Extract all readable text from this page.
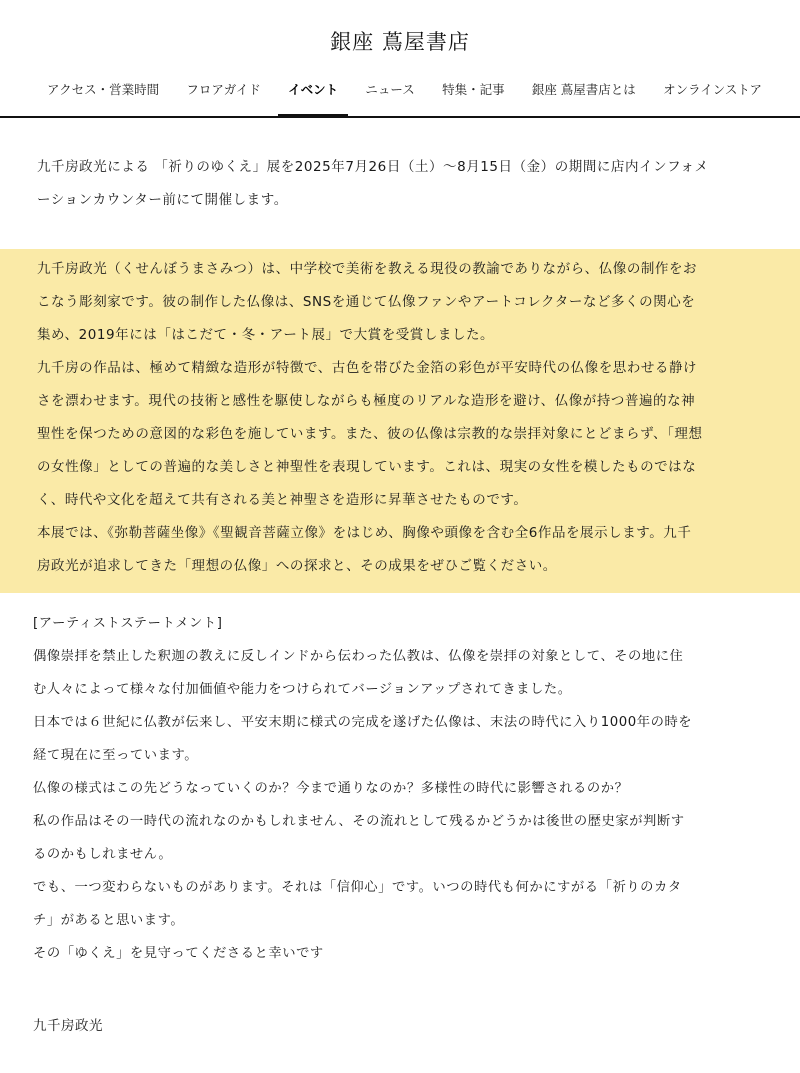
銀座 蔦屋書店
アクセス・営業時間	フロアガイド	イベント	ニュース	特集・記事	銀座 蔦屋書店とは	オンラインストア

九千房政光による 「祈りのゆくえ」展を2025年7月26日（土）～8月15日（金）の期間に店内インフォメ

ーションカウンター前にて開催します。

九千房政光（くせんぼうまさみつ）は、中学校で美術を教える現役の教諭でありながら、仏像の制作をお

こなう彫刻家です。彼の制作した仏像は、SNSを通じて仏像ファンやアートコレクターなど多くの関心を

集め、2019年には「はこだて・冬・アート展」で大賞を受賞しました。

九千房の作品は、極めて精緻な造形が特徴で、古色を帯びた金箔の彩色が平安時代の仏像を思わせる静け

さを漂わせます。現代の技術と感性を駆使しながらも極度のリアルな造形を避け、仏像が持つ普遍的な神

聖性を保つための意図的な彩色を施しています。また、彼の仏像は宗教的な崇拝対象にとどまらず、「理想

の女性像」としての普遍的な美しさと神聖性を表現しています。これは、現実の女性を模したものではな

く、時代や文化を超えて共有される美と神聖さを造形に昇華させたものです。

本展では、《弥勒菩薩坐像》《聖観音菩薩立像》をはじめ、胸像や頭像を含む全6作品を展示します。九千

房政光が追求してきた「理想の仏像」への探求と、その成果をぜひご覧ください。

[アーティストステートメント]

偶像崇拝を禁止した釈迦の教えに反しインドから伝わった仏教は、仏像を崇拝の対象として、その地に住

む人々によって様々な付加価値や能力をつけられてバージョンアップされてきました。

日本では６世紀に仏教が伝来し、平安末期に様式の完成を遂げた仏像は、末法の時代に入り1000年の時を

経て現在に至っています。

仏像の様式はこの先どうなっていくのか？今まで通りなのか？多様性の時代に影響されるのか？

私の作品はその一時代の流れなのかもしれません、その流れとして残るかどうかは後世の歴史家が判断す

るのかもしれません。

でも、一つ変わらないものがあります。それは「信仰心」です。いつの時代も何かにすがる「祈りのカタ

チ」があると思います。

その「ゆくえ」を見守ってくださると幸いです

九千房政光
